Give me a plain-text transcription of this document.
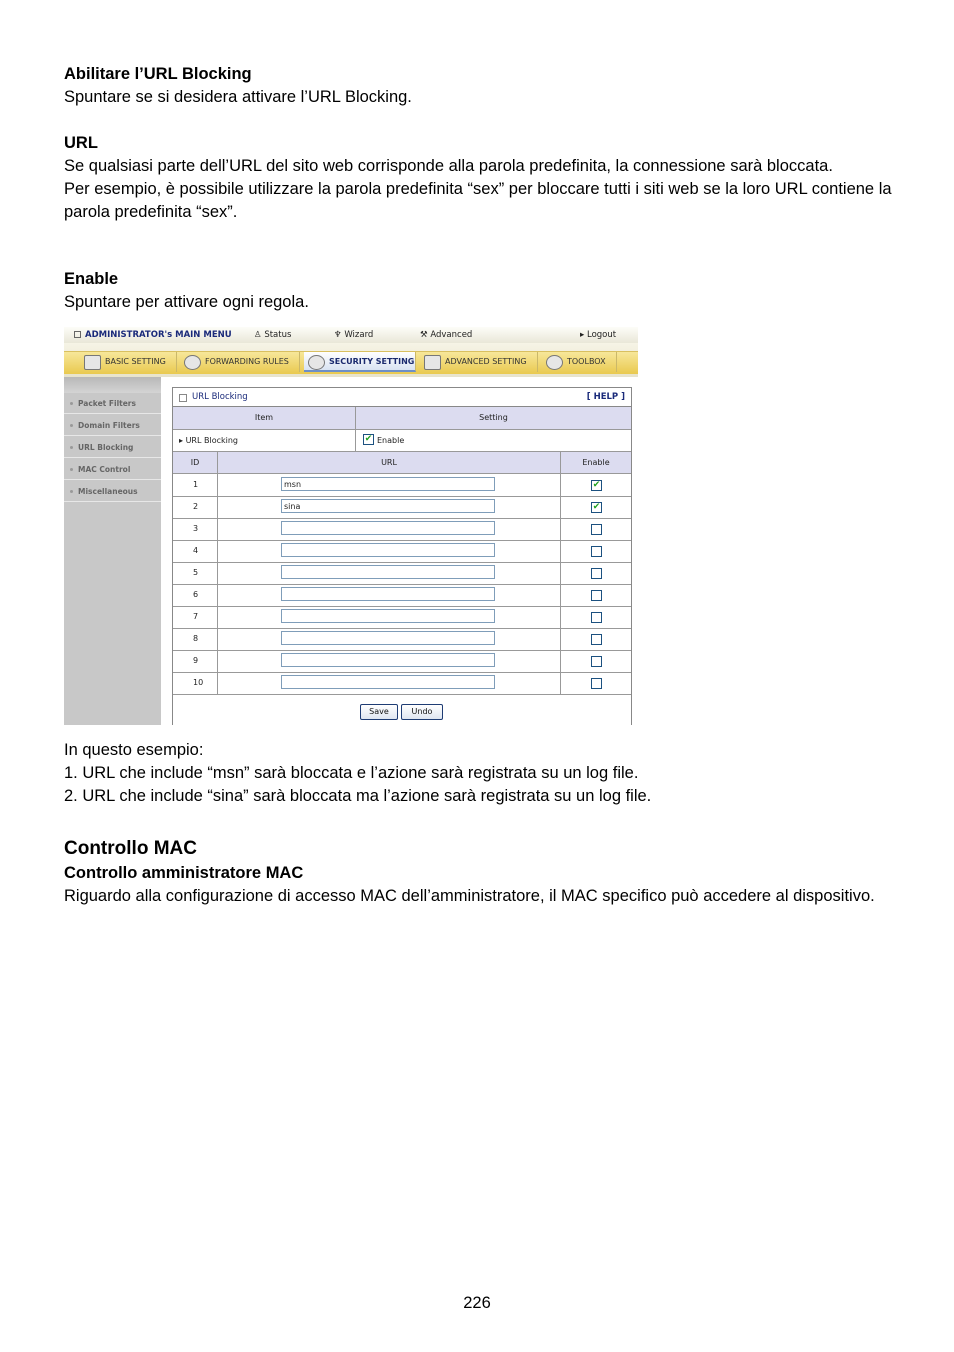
Abilitare l’URL Blocking

Spuntare se si desidera attivare l’URL Blocking.

URL

Se qualsiasi parte dell’URL del sito web corrisponde alla parola predefinita, la connessione sarà bloccata.

Per esempio, è possibile utilizzare la parola predefinita “sex” per bloccare tutti i siti web se la loro URL contiene la parola predefinita “sex”.

Enable

Spuntare per attivare ogni regola.

ADMINISTRATOR's MAIN MENU	♙ Status	♆ Wizard	⚒ Advanced	▸ Logout
BASIC SETTING	FORWARDING RULES	SECURITY SETTING	ADVANCED SETTING	TOOLBOX
Packet Filters
Domain Filters
URL Blocking
MAC Control
Miscellaneous
URL Blocking	[ HELP ]
Item	Setting
▸ URL Blocking	✔ Enable
ID	URL	Enable
1	msn	✔
2	sina	✔
3
4
5
6
7
8
9
10
Save	Undo

In questo esempio:

1. URL che include “msn” sarà bloccata e l’azione sarà registrata su un log file.

2. URL che include “sina” sarà bloccata ma l’azione sarà registrata su un log file.

Controllo MAC

Controllo amministratore MAC

Riguardo alla configurazione di accesso MAC dell’amministratore, il MAC specifico può accedere al dispositivo.

226
